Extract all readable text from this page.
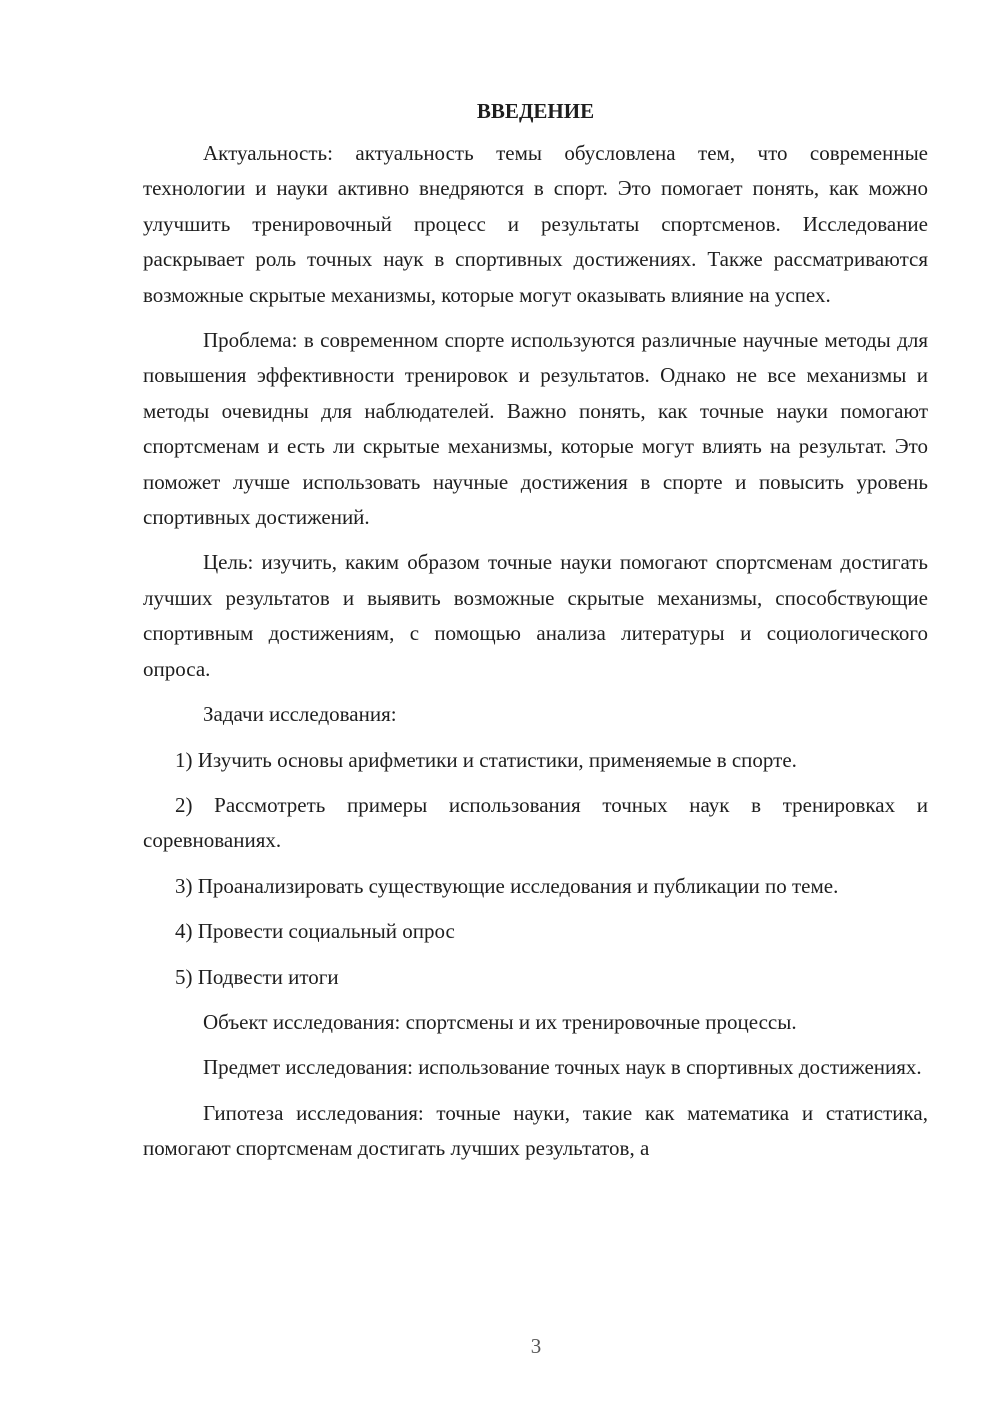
ВВЕДЕНИЕ

Актуальность: актуальность темы обусловлена тем, что современные технологии и науки активно внедряются в спорт. Это помогает понять, как можно улучшить тренировочный процесс и результаты спортсменов. Исследование раскрывает роль точных наук в спортивных достижениях. Также рассматриваются возможные скрытые механизмы, которые могут оказывать влияние на успех.

Проблема: в современном спорте используются различные научные методы для повышения эффективности тренировок и результатов. Однако не все механизмы и методы очевидны для наблюдателей. Важно понять, как точные науки помогают спортсменам и есть ли скрытые механизмы, которые могут влиять на результат. Это поможет лучше использовать научные достижения в спорте и повысить уровень спортивных достижений.

Цель: изучить, каким образом точные науки помогают спортсменам достигать лучших результатов и выявить возможные скрытые механизмы, способствующие спортивным достижениям, с помощью анализа литературы и социологического опроса.

Задачи исследования:

1) Изучить основы арифметики и статистики, применяемые в спорте.

2) Рассмотреть примеры использования точных наук в тренировках и соревнованиях.

3) Проанализировать существующие исследования и публикации по теме.

4) Провести социальный опрос

5) Подвести итоги

Объект исследования: спортсмены и их тренировочные процессы.

Предмет исследования: использование точных наук в спортивных достижениях.

Гипотеза исследования: точные науки, такие как математика и статистика, помогают спортсменам достигать лучших результатов, а

3
